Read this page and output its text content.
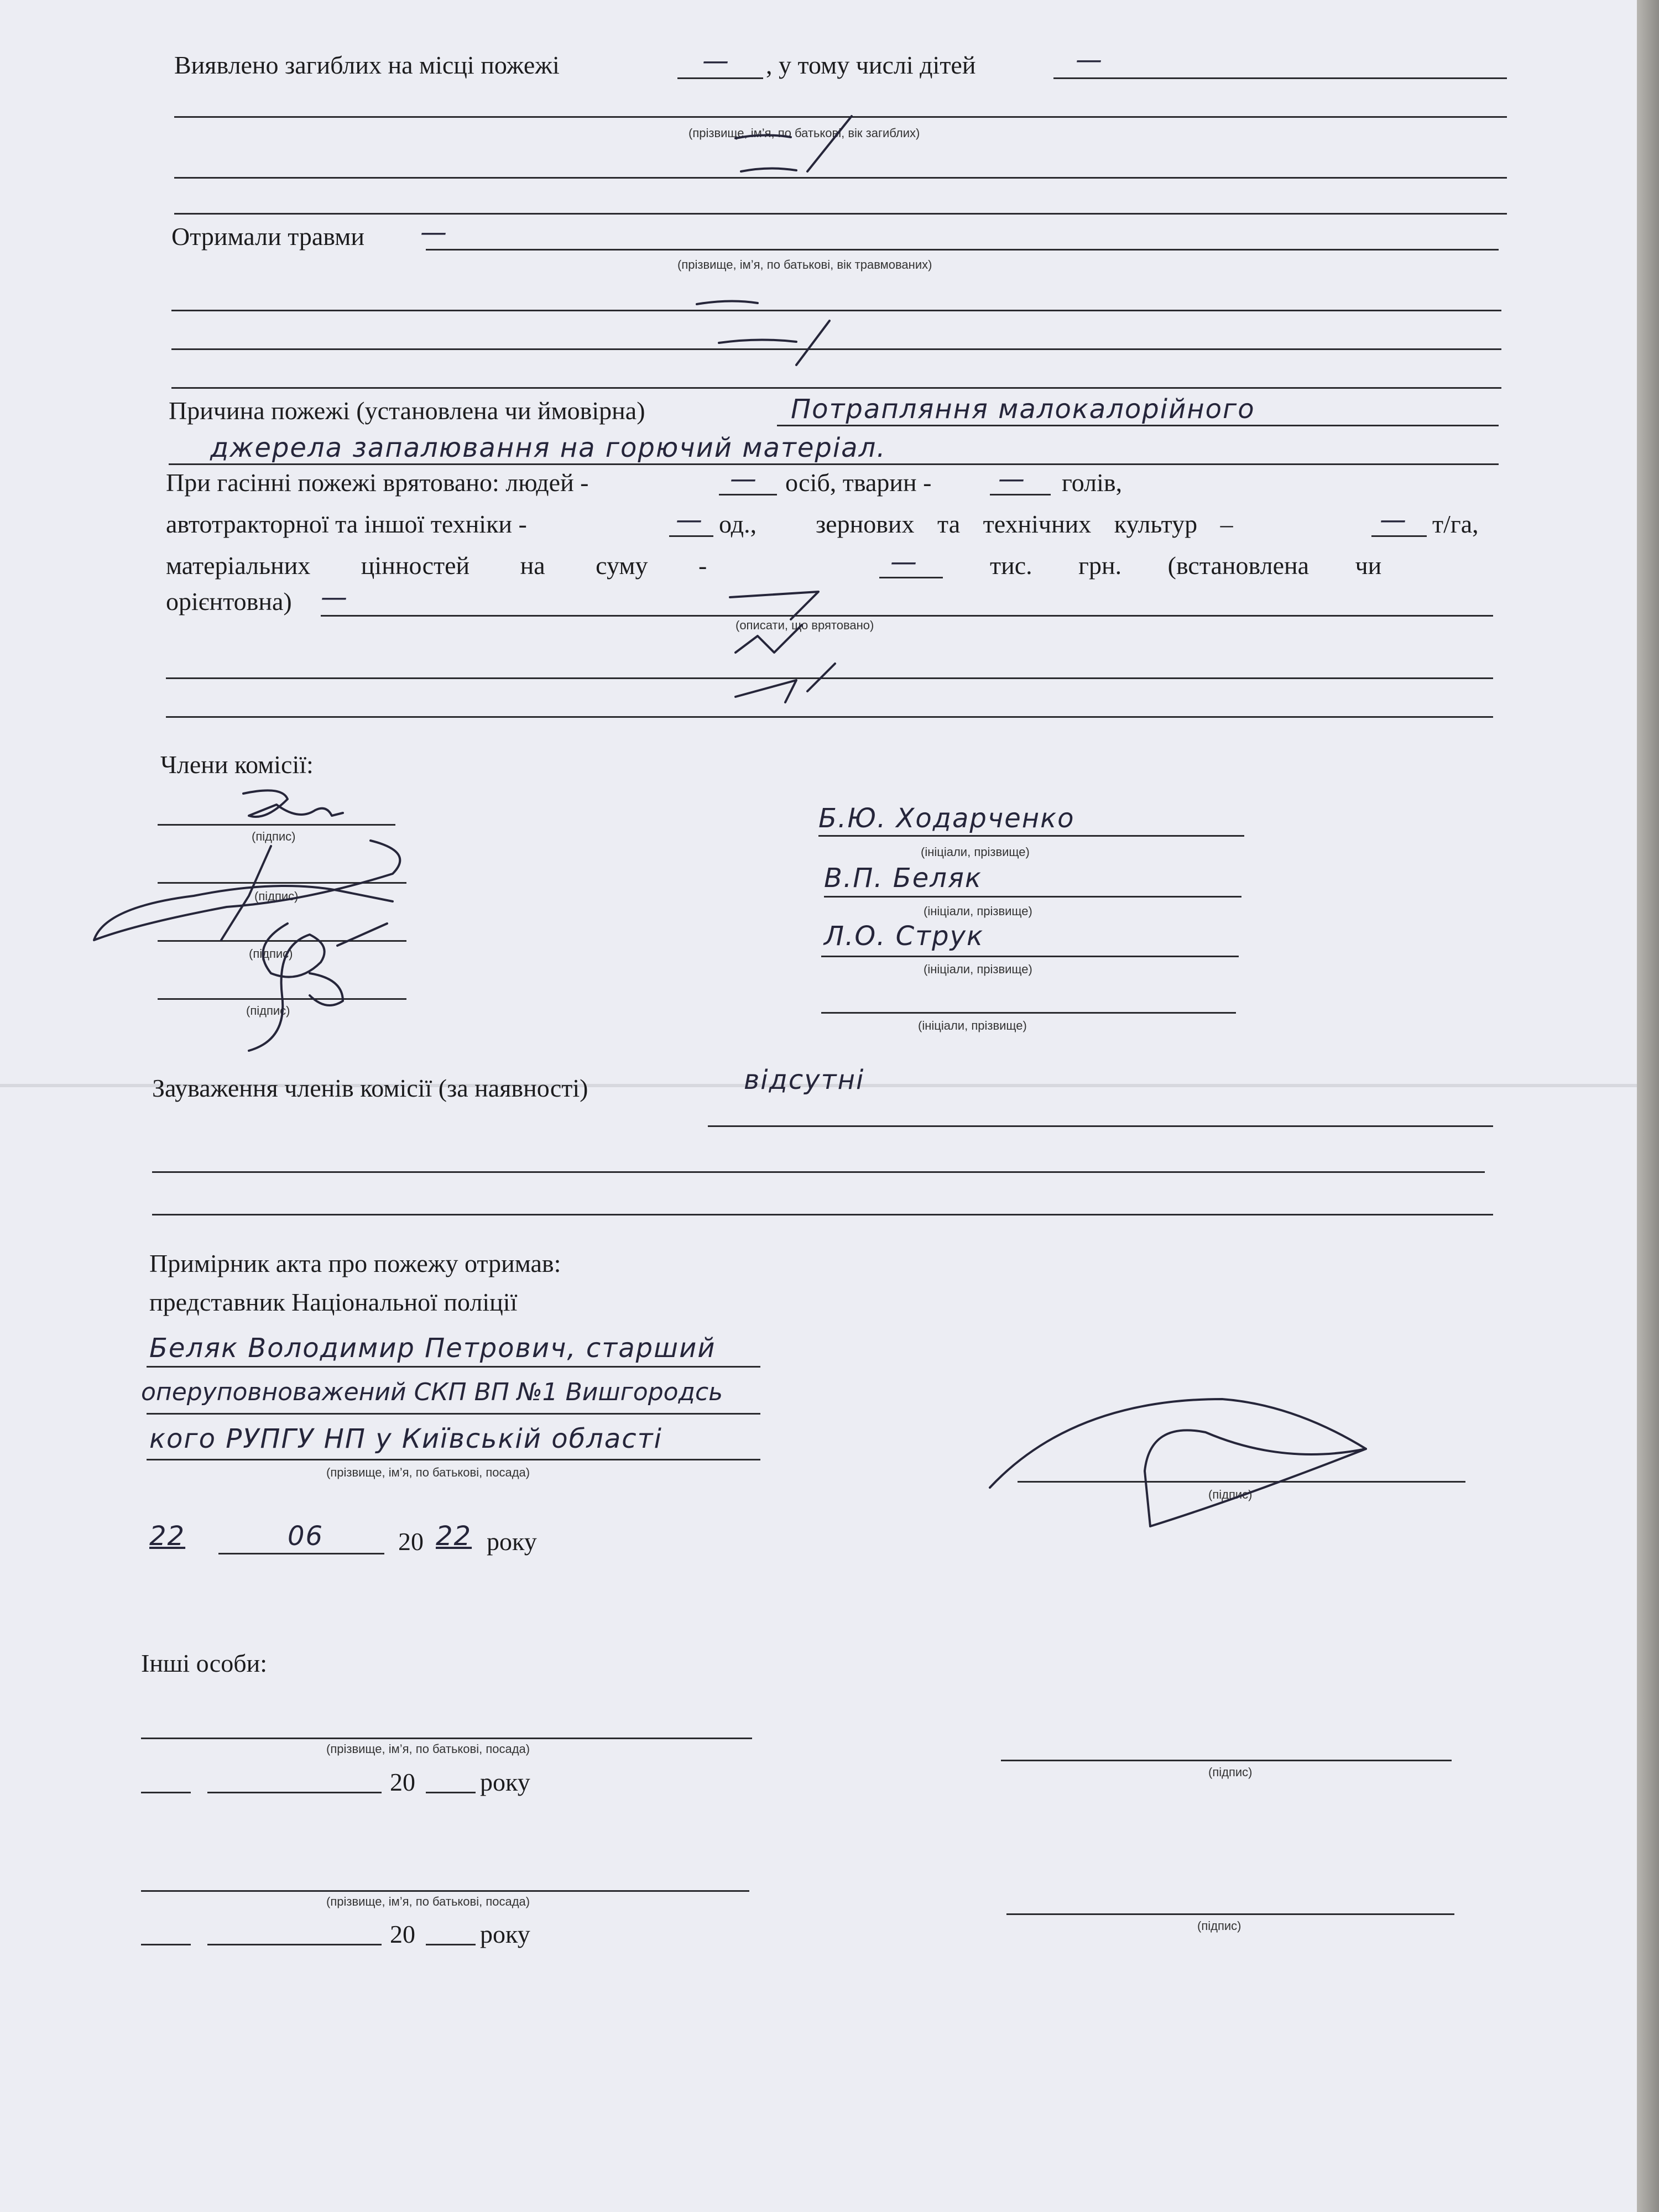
Виявлено загиблих на місці пожежі	— , у тому числі дітей	—
(прізвище, ім’я, по батькові, вік загиблих)
Отримали травми —
(прізвище, ім’я, по батькові, вік травмованих)
Причина пожежі (установлена чи ймовірна)	Потрапляння малокалорійного
джерела запалювання на горючий матеріал.
При гасінні пожежі врятовано: людей -	— осіб, тварин -	— голів,
автотракторної та іншої техніки -	— од., зернових та технічних культур –	— т/га,
матеріальних цінностей на суму -	—	тис. грн. (встановлена чи
орієнтовна) —
(описати, що врятовано)
Члени комісії:
(підпис)
(підпис)
(підпис)
(підпис)
Б.Ю. Ходарченко
(ініціали, прізвище)
В.П. Беляк
(ініціали, прізвище)
Л.О. Струк
(ініціали, прізвище)
(ініціали, прізвище)
Зауваження членів комісії (за наявності)	відсутні
Примірник акта про пожежу отримав:
представник Національної поліції
Беляк Володимир Петрович, старший
оперуповноважений СКП ВП №1 Вишгородсь
кого РУПГУ НП у Київській області
(прізвище, ім’я, по батькові, посада)
(підпис)
22	06	20 22 року
Інші особи:
(прізвище, ім’я, по батькові, посада)
(підпис)
20	року
(прізвище, ім’я, по батькові, посада)
(підпис)
20	року
